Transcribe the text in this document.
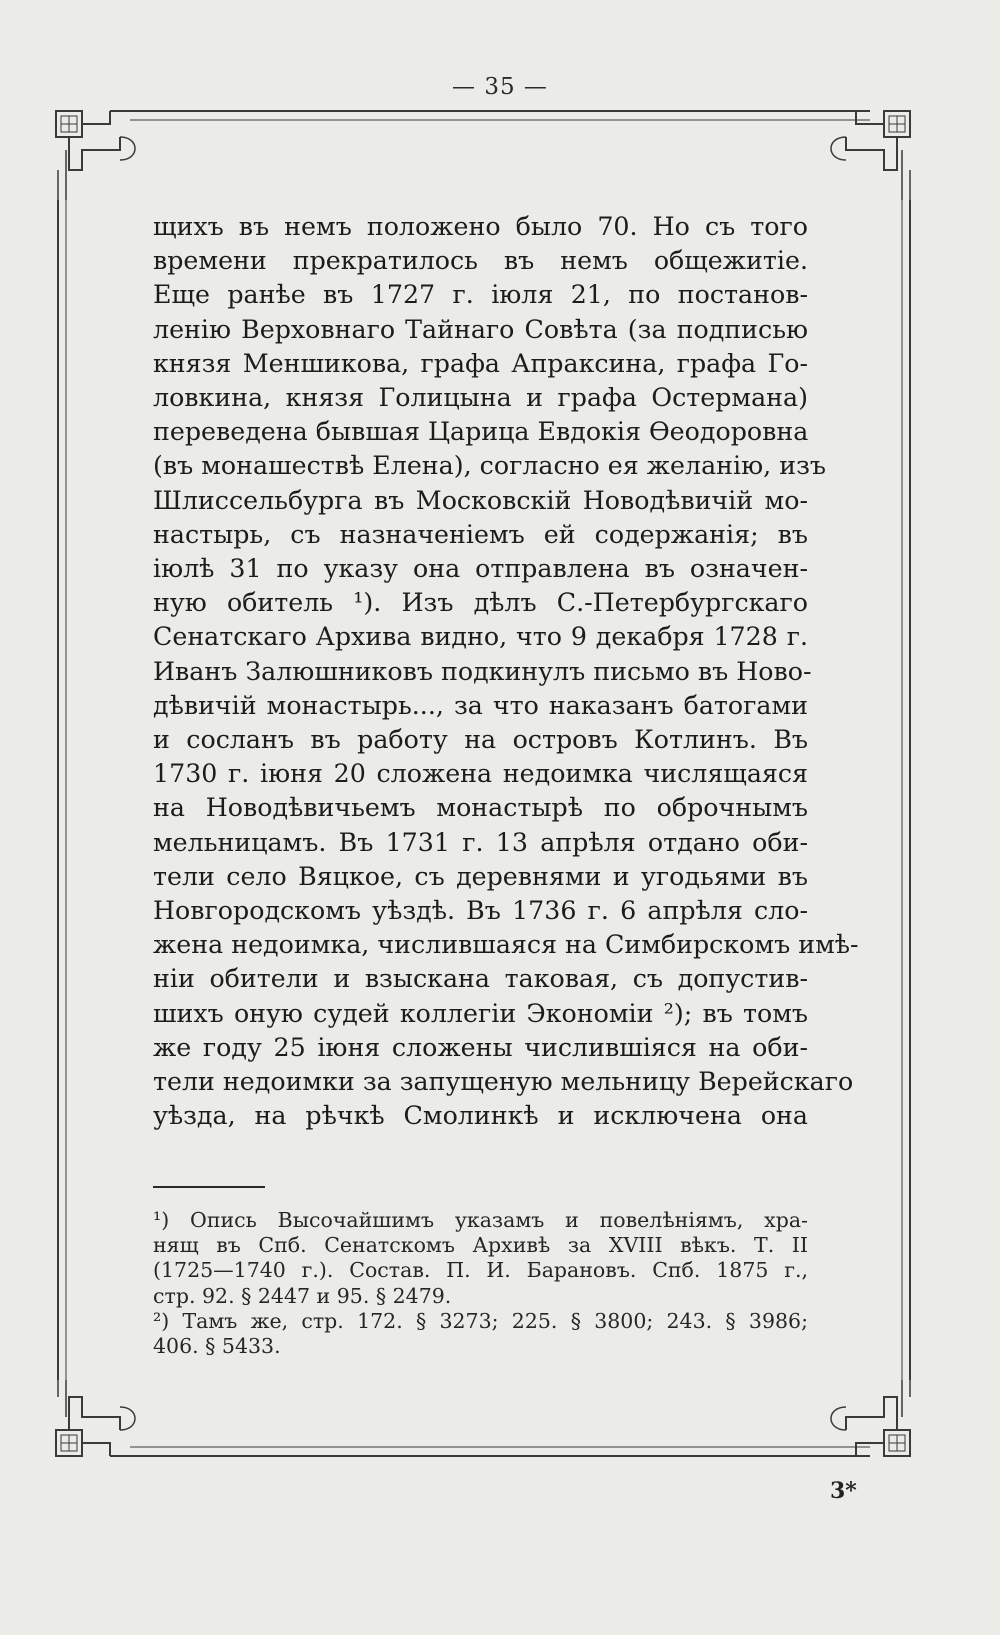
— 35 —
щихъ въ немъ положено было 70. Но съ того
времени прекратилось въ немъ общежитіе.
Еще ранѣе въ 1727 г. іюля 21, по постанов-
ленію Верховнаго Тайнаго Совѣта (за подписью
князя Меншикова, графа Апраксина, графа Го-
ловкина, князя Голицына и графа Остермана)
переведена бывшая Царица Евдокія Ѳеодоровна
(въ монашествѣ Елена), согласно ея желанію, изъ
Шлиссельбурга въ Московскій Новодѣвичій мо-
настырь, съ назначеніемъ ей содержанія; въ
іюлѣ 31 по указу она отправлена въ означен-
ную обитель ¹). Изъ дѣлъ С.-Петербургскаго
Сенатскаго Архива видно, что 9 декабря 1728 г.
Иванъ Залюшниковъ подкинулъ письмо въ Ново-
дѣвичій монастырь..., за что наказанъ батогами
и сосланъ въ работу на островъ Котлинъ. Въ
1730 г. іюня 20 сложена недоимка числящаяся
на Новодѣвичьемъ монастырѣ по оброчнымъ
мельницамъ. Въ 1731 г. 13 апрѣля отдано оби-
тели село Вяцкое, съ деревнями и угодьями въ
Новгородскомъ уѣздѣ. Въ 1736 г. 6 апрѣля сло-
жена недоимка, числившаяся на Симбирскомъ имѣ-
ніи обители и взыскана таковая, съ допустив-
шихъ оную судей коллегіи Экономіи ²); въ томъ
же году 25 іюня сложены числившіяся на оби-
тели недоимки за запущеную мельницу Верейскаго
уѣзда, на рѣчкѣ Смолинкѣ и исключена она
¹) Опись Высочайшимъ указамъ и повелѣніямъ, хра-
нящ въ Спб. Сенатскомъ Архивѣ за XVIII вѣкъ. Т. II
(1725—1740 г.). Состав. П. И. Барановъ. Спб. 1875 г.,
стр. 92. § 2447 и 95. § 2479.
²) Тамъ же, стр. 172. § 3273; 225. § 3800; 243. § 3986;
406. § 5433.
3*
